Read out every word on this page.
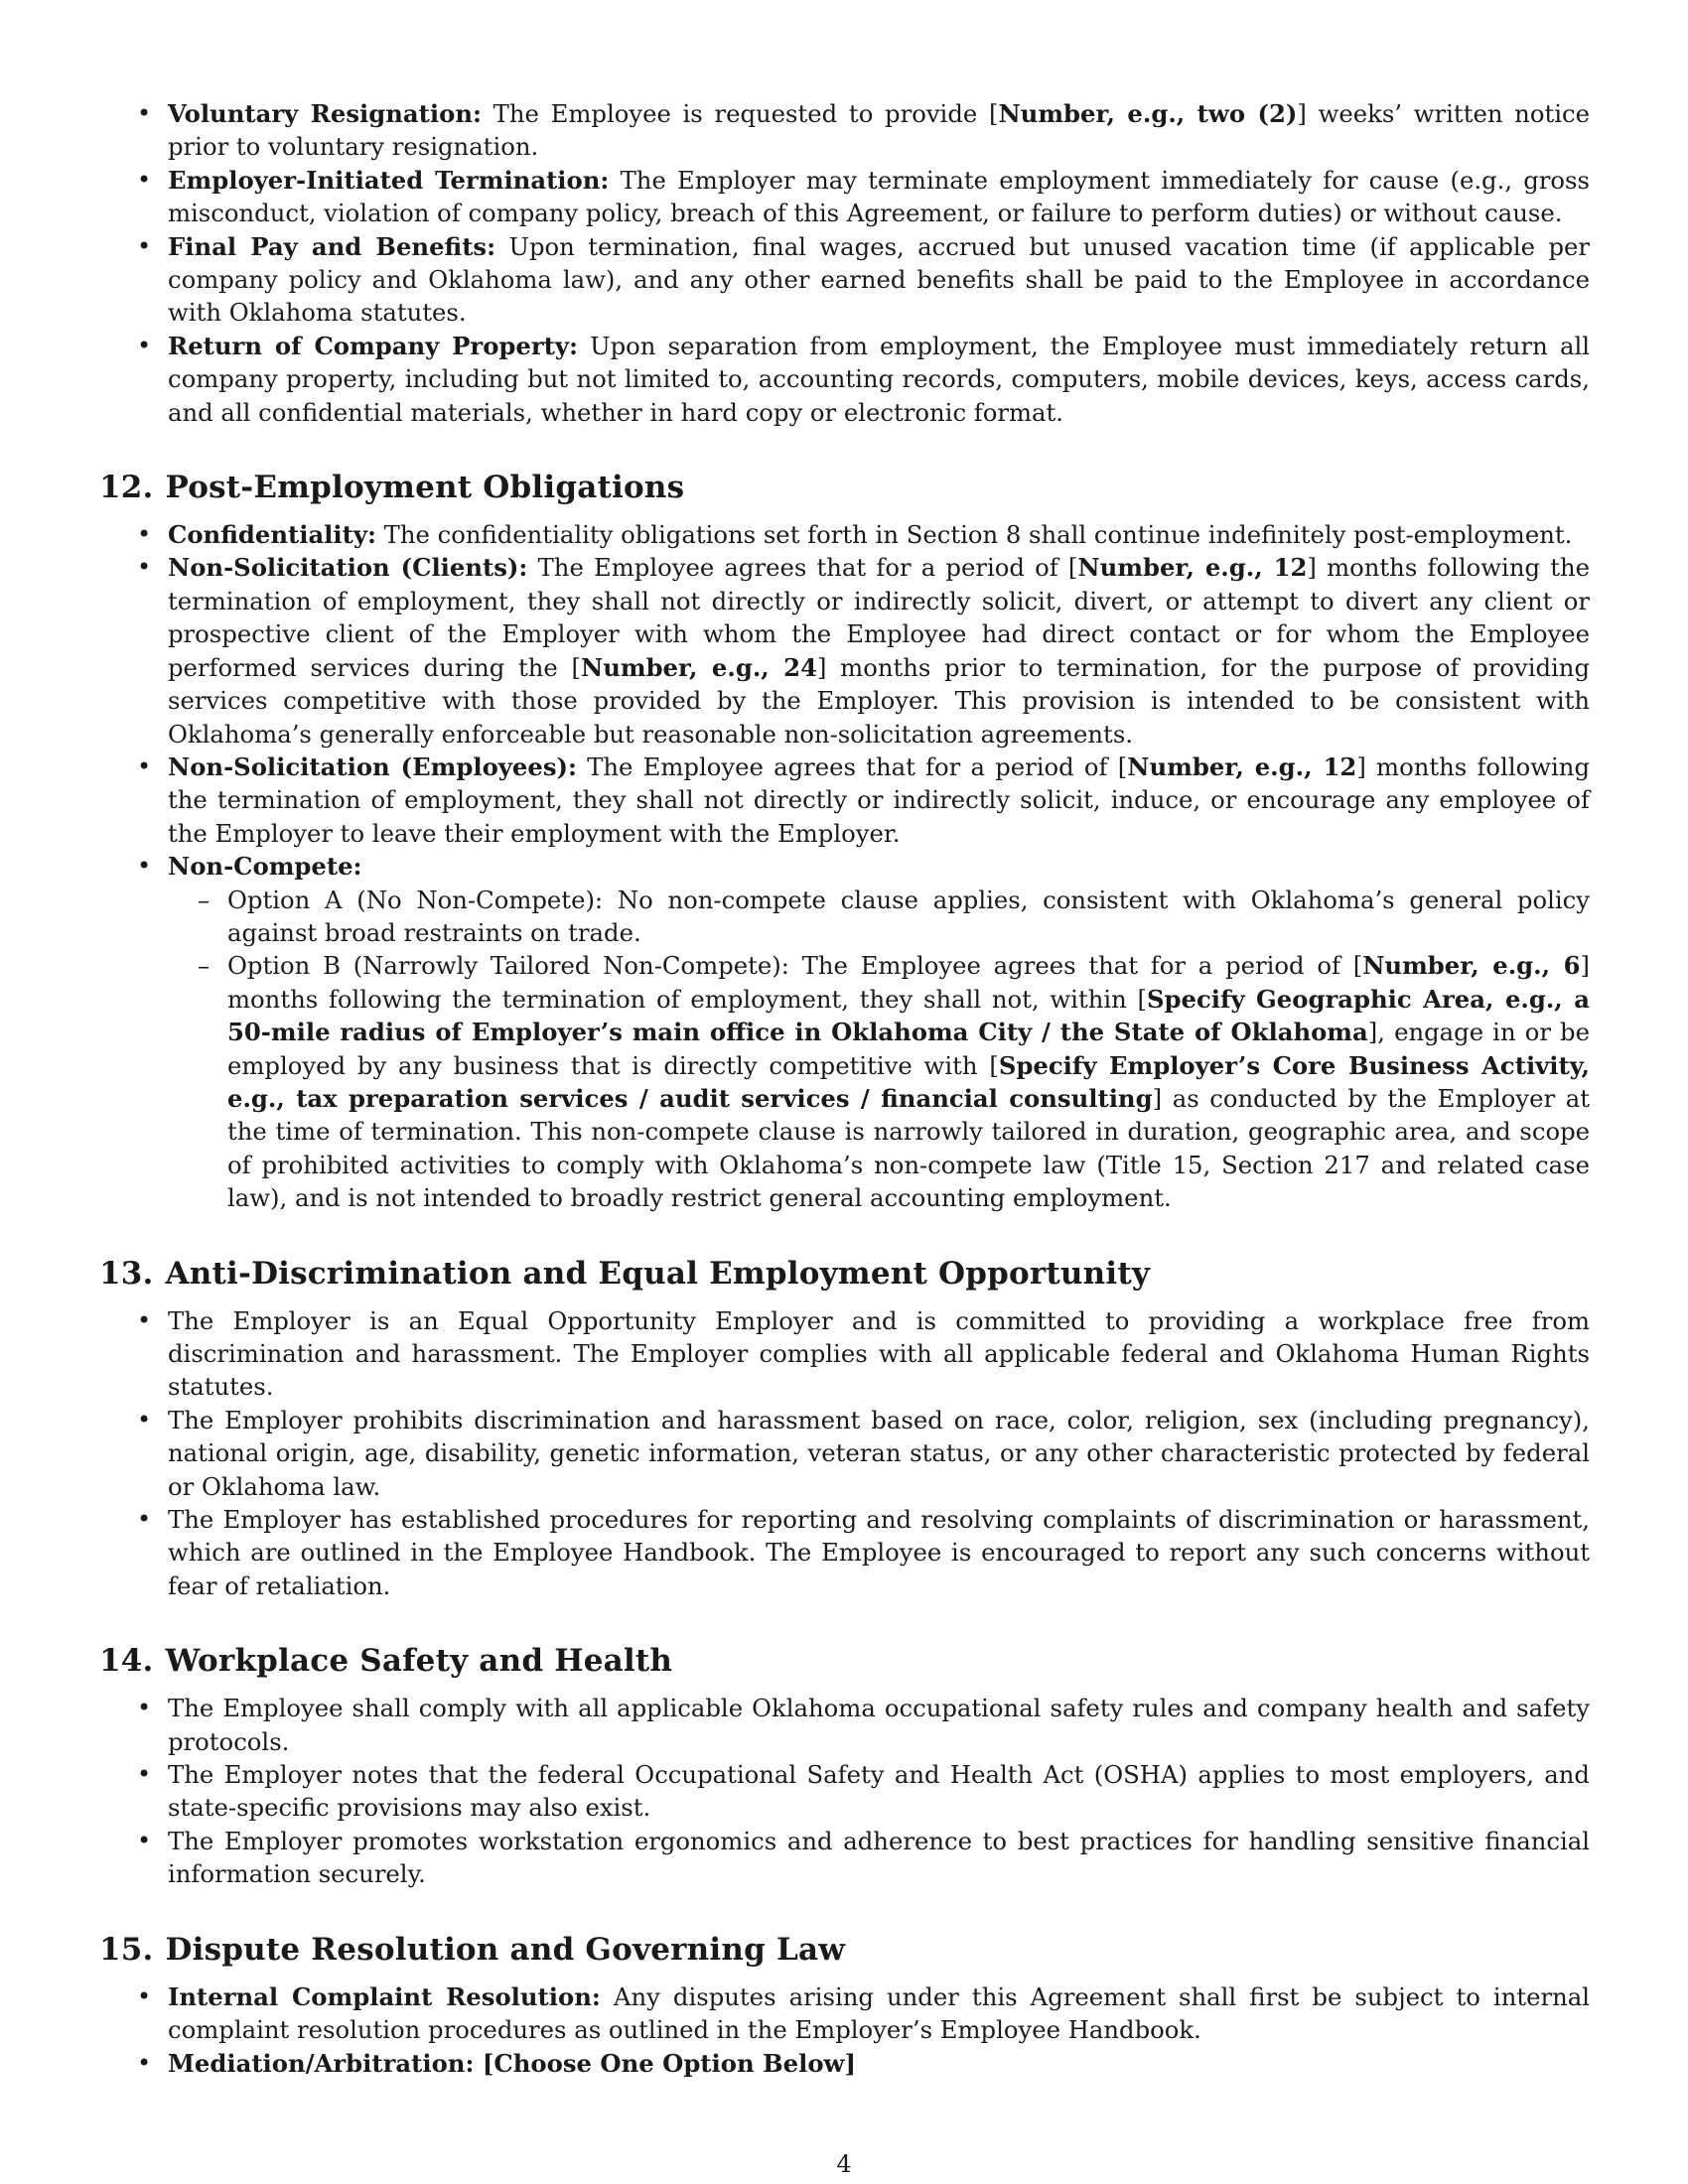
• Voluntary Resignation: The Employee is requested to provide [Number, e.g., two (2)] weeks’ written notice prior to voluntary resignation.
• Employer-Initiated Termination: The Employer may terminate employment immediately for cause (e.g., gross misconduct, violation of company policy, breach of this Agreement, or failure to perform duties) or without cause.
• Final Pay and Benefits: Upon termination, final wages, accrued but unused vacation time (if applicable per company policy and Oklahoma law), and any other earned benefits shall be paid to the Employee in accordance with Oklahoma statutes.
• Return of Company Property: Upon separation from employment, the Employee must immediately return all company property, including but not limited to, accounting records, computers, mobile devices, keys, access cards, and all confidential materials, whether in hard copy or electronic format.
12. Post-Employment Obligations
• Confidentiality: The confidentiality obligations set forth in Section 8 shall continue indefinitely post-employment.
• Non-Solicitation (Clients): The Employee agrees that for a period of [Number, e.g., 12] months following the termination of employment, they shall not directly or indirectly solicit, divert, or attempt to divert any client or prospective client of the Employer with whom the Employee had direct contact or for whom the Employee performed services during the [Number, e.g., 24] months prior to termination, for the purpose of providing services competitive with those provided by the Employer. This provision is intended to be consistent with Oklahoma’s generally enforceable but reasonable non-solicitation agreements.
• Non-Solicitation (Employees): The Employee agrees that for a period of [Number, e.g., 12] months following the termination of employment, they shall not directly or indirectly solicit, induce, or encourage any employee of the Employer to leave their employment with the Employer.
• Non-Compete:
– Option A (No Non-Compete): No non-compete clause applies, consistent with Oklahoma’s general policy against broad restraints on trade.
– Option B (Narrowly Tailored Non-Compete): The Employee agrees that for a period of [Number, e.g., 6] months following the termination of employment, they shall not, within [Specify Geographic Area, e.g., a 50-mile radius of Employer’s main office in Oklahoma City / the State of Oklahoma], engage in or be employed by any business that is directly competitive with [Specify Employer’s Core Business Activity, e.g., tax preparation services / audit services / financial consulting] as conducted by the Employer at the time of termination. This non-compete clause is narrowly tailored in duration, geographic area, and scope of prohibited activities to comply with Oklahoma’s non-compete law (Title 15, Section 217 and related case law), and is not intended to broadly restrict general accounting employment.
13. Anti-Discrimination and Equal Employment Opportunity
• The Employer is an Equal Opportunity Employer and is committed to providing a workplace free from discrimination and harassment. The Employer complies with all applicable federal and Oklahoma Human Rights statutes.
• The Employer prohibits discrimination and harassment based on race, color, religion, sex (including pregnancy), national origin, age, disability, genetic information, veteran status, or any other characteristic protected by federal or Oklahoma law.
• The Employer has established procedures for reporting and resolving complaints of discrimination or harassment, which are outlined in the Employee Handbook. The Employee is encouraged to report any such concerns without fear of retaliation.
14. Workplace Safety and Health
• The Employee shall comply with all applicable Oklahoma occupational safety rules and company health and safety protocols.
• The Employer notes that the federal Occupational Safety and Health Act (OSHA) applies to most employers, and state-specific provisions may also exist.
• The Employer promotes workstation ergonomics and adherence to best practices for handling sensitive financial information securely.
15. Dispute Resolution and Governing Law
• Internal Complaint Resolution: Any disputes arising under this Agreement shall first be subject to internal complaint resolution procedures as outlined in the Employer’s Employee Handbook.
• Mediation/Arbitration: [Choose One Option Below]
4
